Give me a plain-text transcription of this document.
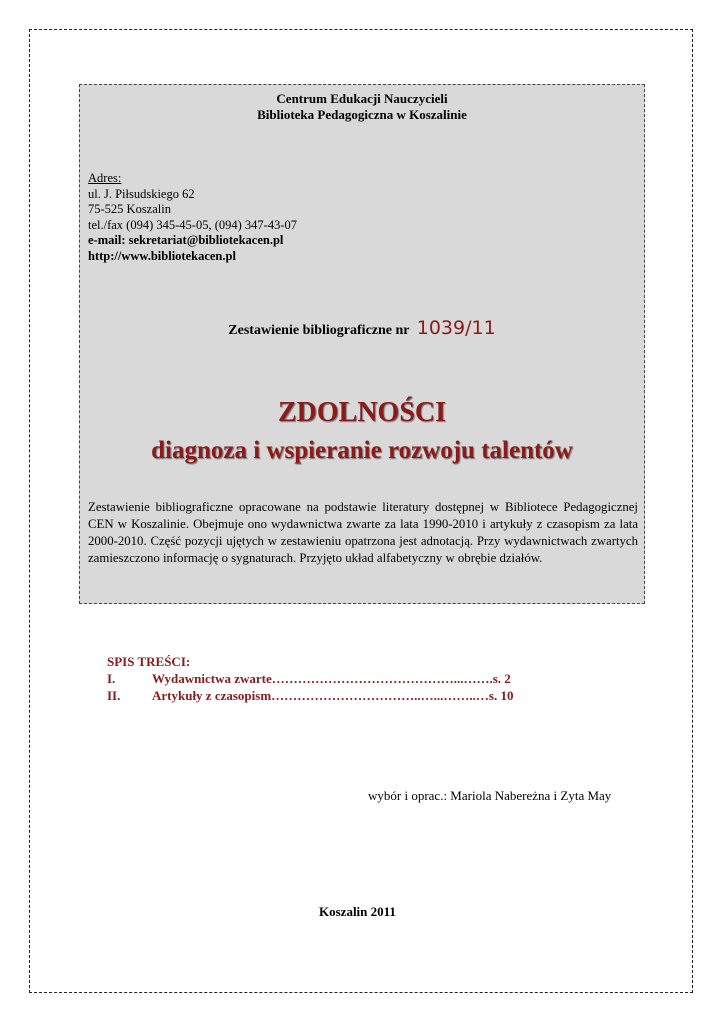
Centrum Edukacji Nauczycieli
Biblioteka Pedagogiczna w Koszalinie
Adres:
ul. J. Piłsudskiego 62
75-525 Koszalin
tel./fax (094) 345-45-05, (094) 347-43-07
e-mail: sekretariat@bibliotekacen.pl
http://www.bibliotekacen.pl
Zestawienie bibliograficzne nr 1039/11
ZDOLNOŚCI
diagnoza i wspieranie rozwoju talentów
Zestawienie bibliograficzne opracowane na podstawie literatury dostępnej w Bibliotece Pedagogicznej CEN w Koszalinie. Obejmuje ono wydawnictwa zwarte za lata 1990-2010 i artykuły z czasopism za lata 2000-2010. Część pozycji ujętych w zestawieniu opatrzona jest adnotacją. Przy wydawnictwach zwartych zamieszczono informację o sygnaturach. Przyjęto układ alfabetyczny w obrębie działów.
SPIS TREŚCI:
I.	Wydawnictwa zwarte……………………………………...…….s. 2
II. Artykuły z czasopism……………………………..…...……..…s. 10
wybór i oprac.: Mariola Nabereżna i Zyta May
Koszalin 2011
